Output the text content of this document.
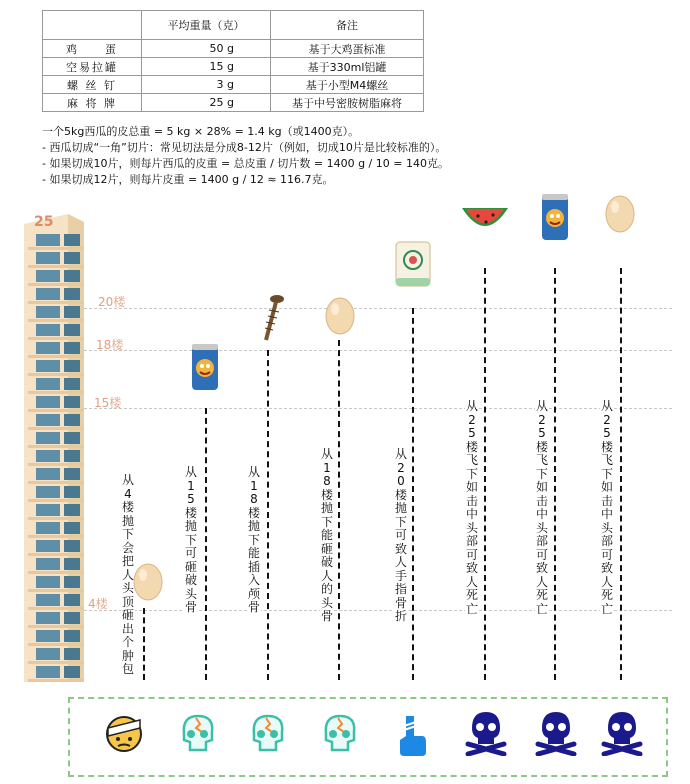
	平均重量（克）	备注
鸡　　蛋	50 g	基于大鸡蛋标准
空易拉罐	15 g	基于330ml铝罐
螺 丝 钉	3 g	基于小型M4螺丝
麻 将 牌	25 g	基于中号密胺树脂麻将
一个5kg西瓜的皮总重 = 5 kg × 28% = 1.4 kg（或1400克）。
- 西瓜切成“一角”切片：常见切法是分成8-12片（例如，切成10片是比较标准的）。
- 如果切成10片，则每片西瓜的皮重 = 总皮重 / 切片数 = 1400 g / 10 = 140克。
- 如果切成12片，则每片皮重 = 1400 g / 12 ≈ 116.7克。
25
20楼
18楼
15楼
4楼
从4楼抛下会把人头顶砸出个肿包
从15楼抛下可砸破头骨
从18楼抛下能插入颅骨
从18楼抛下能砸破人的头骨
从20楼抛下可致人手指骨折
从25楼飞下如击中头部可致人死亡
从25楼飞下如击中头部可致人死亡
从25楼飞下如击中头部可致人死亡
